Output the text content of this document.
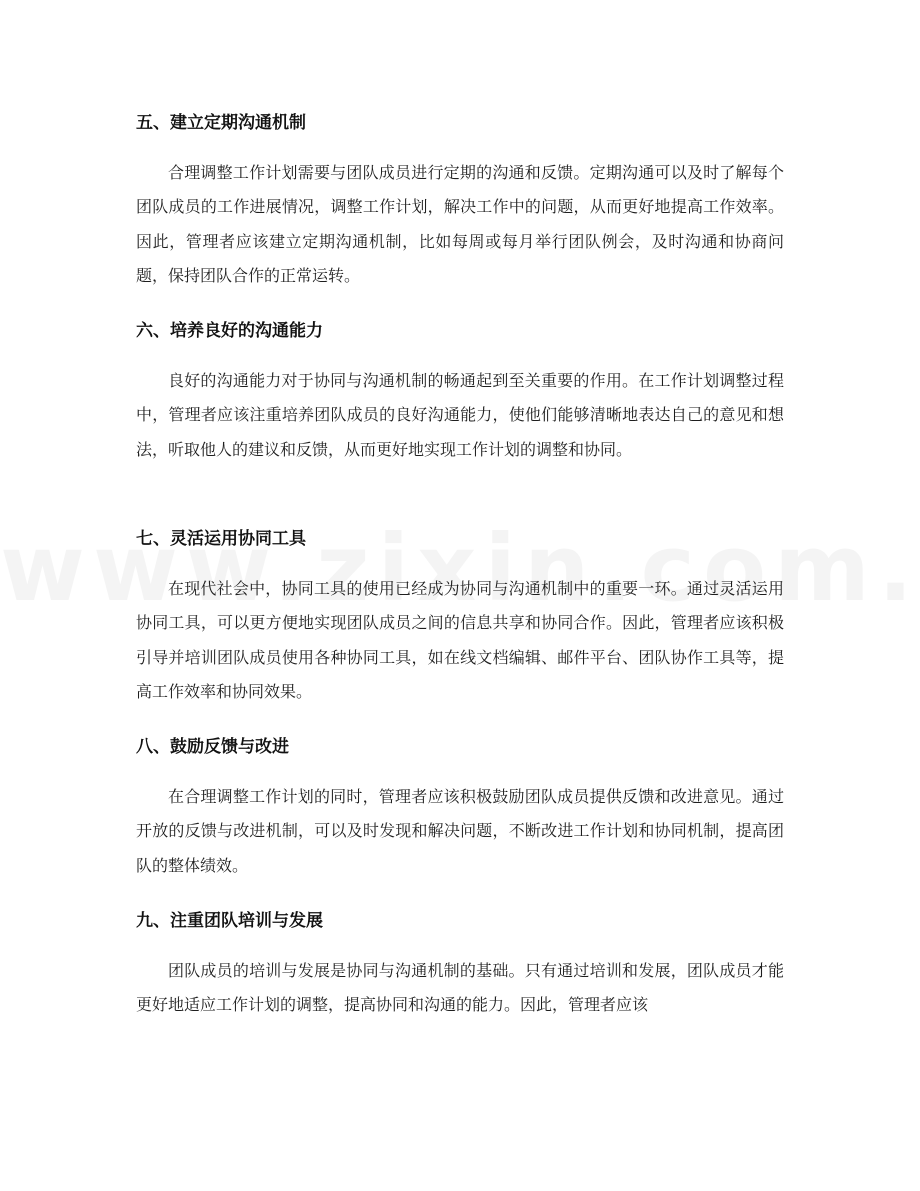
五、建立定期沟通机制

合理调整工作计划需要与团队成员进行定期的沟通和反馈。定期沟通可以及时了解每个团队成员的工作进展情况，调整工作计划，解决工作中的问题，从而更好地提高工作效率。因此，管理者应该建立定期沟通机制，比如每周或每月举行团队例会，及时沟通和协商问题，保持团队合作的正常运转。

六、培养良好的沟通能力

良好的沟通能力对于协同与沟通机制的畅通起到至关重要的作用。在工作计划调整过程中，管理者应该注重培养团队成员的良好沟通能力，使他们能够清晰地表达自己的意见和想法，听取他人的建议和反馈，从而更好地实现工作计划的调整和协同。

七、灵活运用协同工具

在现代社会中，协同工具的使用已经成为协同与沟通机制中的重要一环。通过灵活运用协同工具，可以更方便地实现团队成员之间的信息共享和协同合作。因此，管理者应该积极引导并培训团队成员使用各种协同工具，如在线文档编辑、邮件平台、团队协作工具等，提高工作效率和协同效果。

八、鼓励反馈与改进

在合理调整工作计划的同时，管理者应该积极鼓励团队成员提供反馈和改进意见。通过开放的反馈与改进机制，可以及时发现和解决问题，不断改进工作计划和协同机制，提高团队的整体绩效。

九、注重团队培训与发展

团队成员的培训与发展是协同与沟通机制的基础。只有通过培训和发展，团队成员才能更好地适应工作计划的调整，提高协同和沟通的能力。因此，管理者应该
